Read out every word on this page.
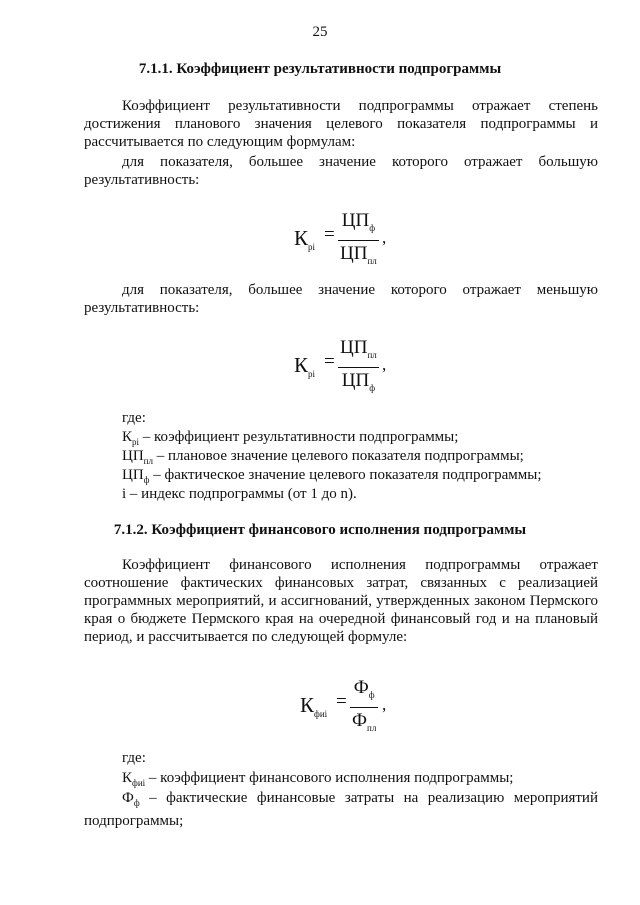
25
7.1.1. Коэффициент результативности подпрограммы

Коэффициент результативности подпрограммы отражает степень достижения планового значения целевого показателя подпрограммы и рассчитывается по следующим формулам:

для показателя, большее значение которого отражает большую результативность:

$К_{рi}$
=
$ЦП_ф$
$ЦП_{пл}$
,

для показателя, большее значение которого отражает меньшую результативность:

$К_{рi}$
=
$ЦП_{пл}$
$ЦП_ф$
,

где:

$К_{рi}$ – коэффициент результативности подпрограммы;

$ЦП_{пл}$ – плановое значение целевого показателя подпрограммы;

$ЦП_ф$ – фактическое значение целевого показателя подпрограммы;

i – индекс подпрограммы (от 1 до n).

7.1.2. Коэффициент финансового исполнения подпрограммы

Коэффициент финансового исполнения подпрограммы отражает соотношение фактических финансовых затрат, связанных с реализацией программных мероприятий, и ассигнований, утвержденных законом Пермского края о бюджете Пермского края на очередной финансовый год и на плановый период, и рассчитывается по следующей формуле:

$К_{фиi}$
=
$Ф_ф$
$Ф_{пл}$
,

где:

$К_{фиi}$ – коэффициент финансового исполнения подпрограммы;

$Ф_ф$ – фактические финансовые затраты на реализацию мероприятий подпрограммы;
